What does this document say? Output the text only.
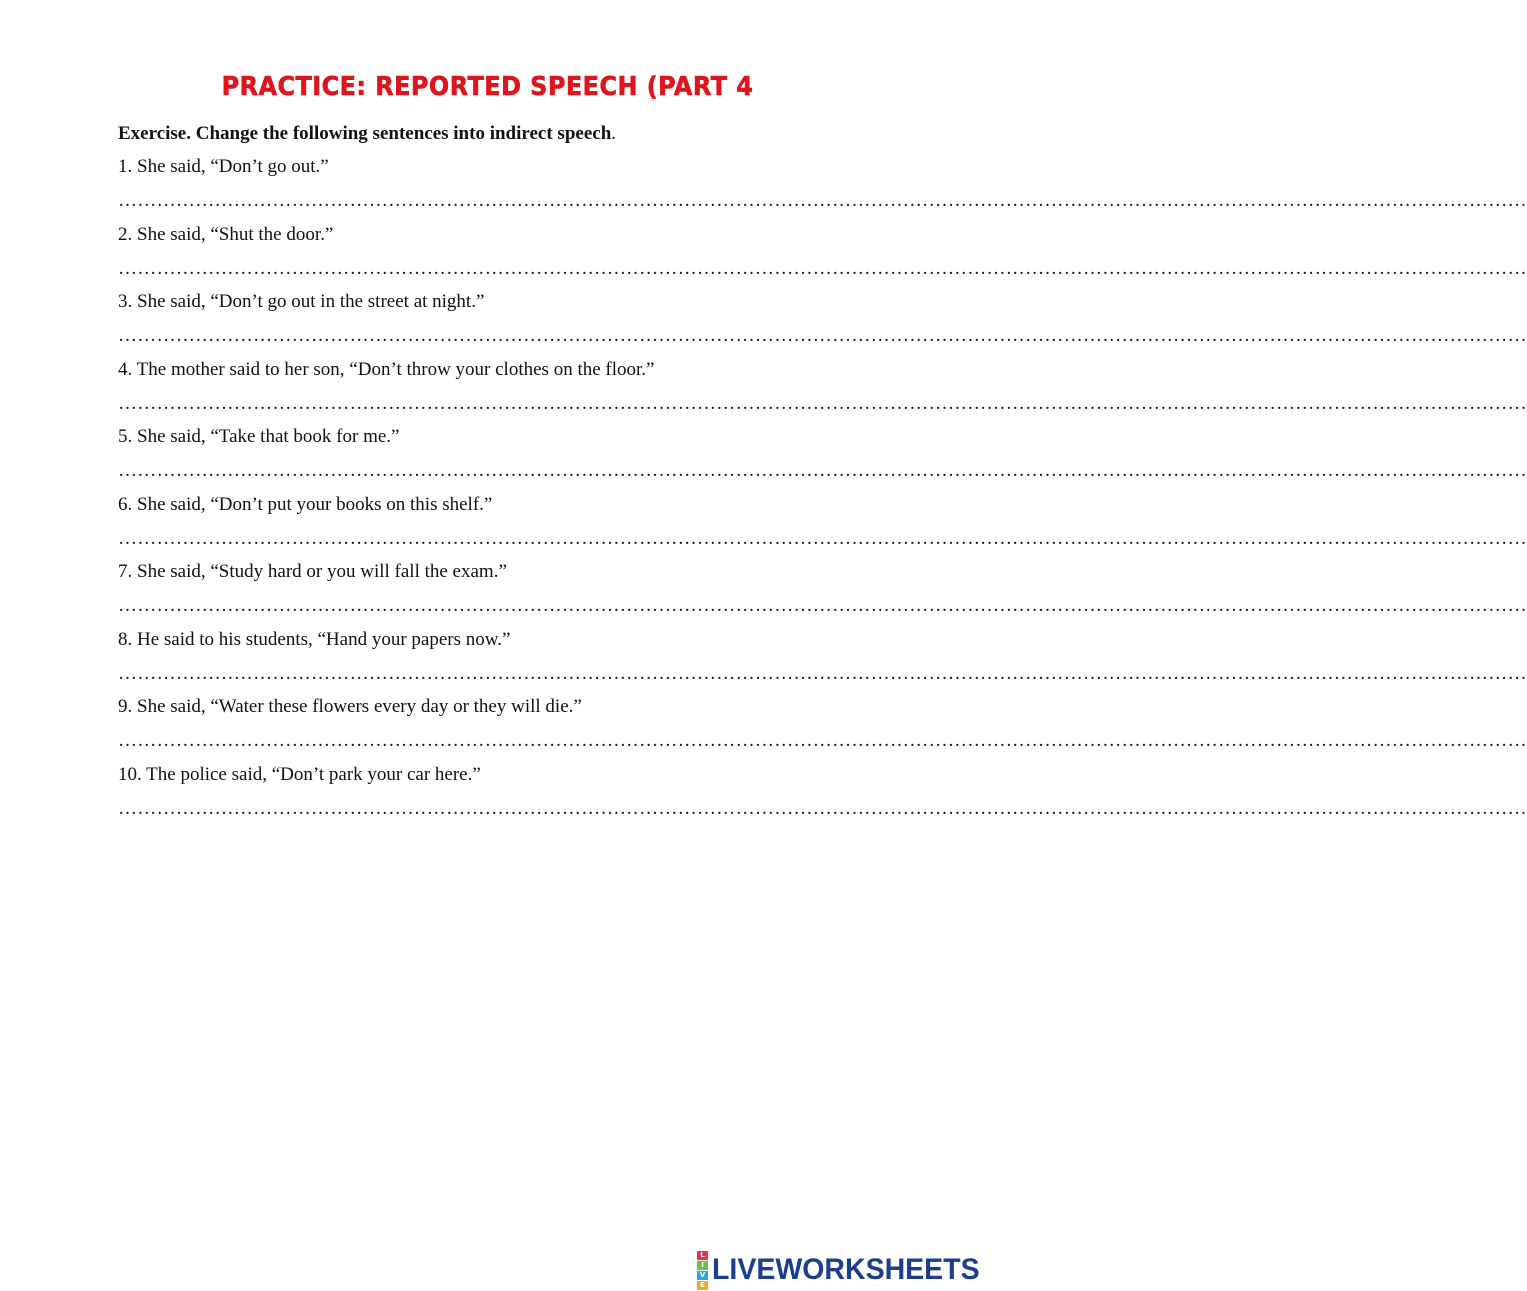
PRACTICE: REPORTED SPEECH (PART 4
Exercise. Change the following sentences into indirect speech.
1. She said, “Don’t go out.”
…………………………………………………………………………………………………………………………………………………………………………………………………
2. She said, “Shut the door.”
…………………………………………………………………………………………………………………………………………………………………………………………………
3. She said, “Don’t go out in the street at night.”
…………………………………………………………………………………………………………………………………………………………………………………………………
4. The mother said to her son, “Don’t throw your clothes on the floor.”
…………………………………………………………………………………………………………………………………………………………………………………………………
5. She said, “Take that book for me.”
…………………………………………………………………………………………………………………………………………………………………………………………………
6. She said, “Don’t put your books on this shelf.”
…………………………………………………………………………………………………………………………………………………………………………………………………
7. She said, “Study hard or you will fall the exam.”
…………………………………………………………………………………………………………………………………………………………………………………………………
8. He said to his students, “Hand your papers now.”
…………………………………………………………………………………………………………………………………………………………………………………………………
9. She said, “Water these flowers every day or they will die.”
…………………………………………………………………………………………………………………………………………………………………………………………………
10. The police said, “Don’t park your car here.”
…………………………………………………………………………………………………………………………………………………………………………………………………
L
I
V
E LIVEWORKSHEETS
